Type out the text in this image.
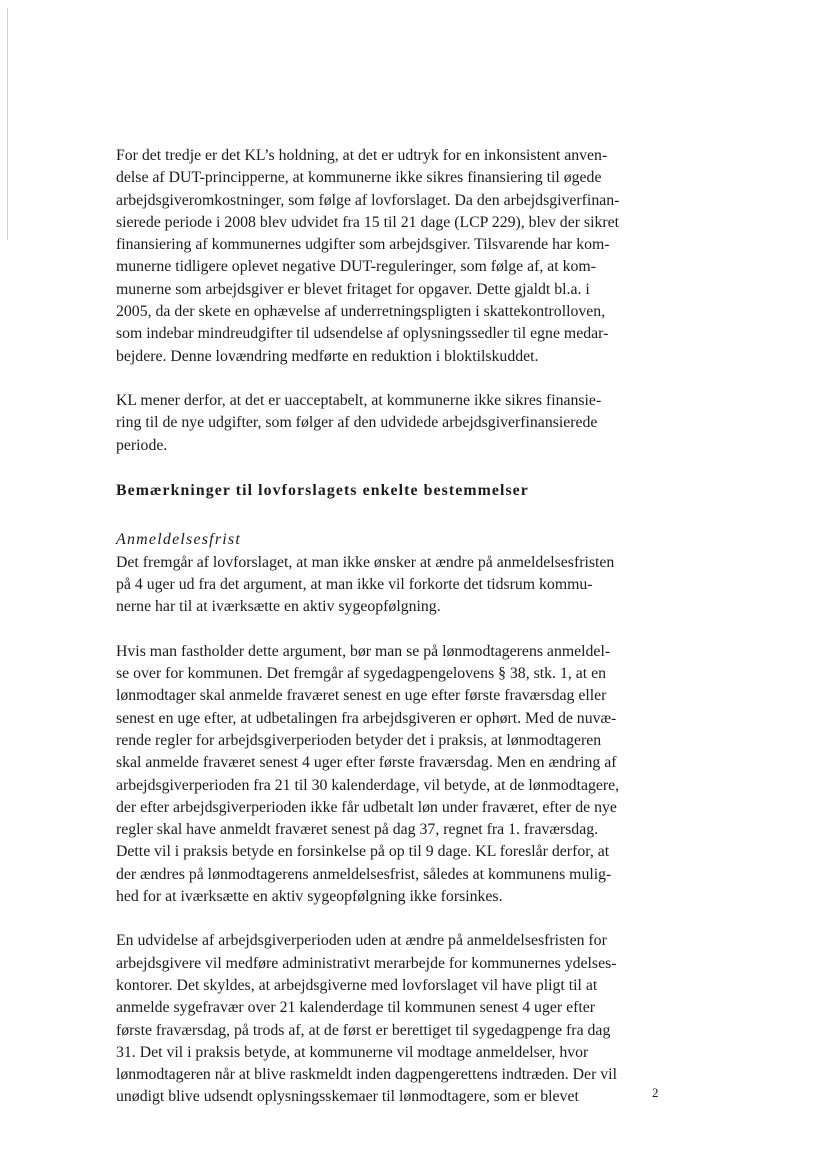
For det tredje er det KL’s holdning, at det er udtryk for en inkonsistent anven-
delse af DUT-principperne, at kommunerne ikke sikres finansiering til øgede
arbejdsgiveromkostninger, som følge af lovforslaget. Da den arbejdsgiverfinan-
sierede periode i 2008 blev udvidet fra 15 til 21 dage (LCP 229), blev der sikret
finansiering af kommunernes udgifter som arbejdsgiver. Tilsvarende har kom-
munerne tidligere oplevet negative DUT-reguleringer, som følge af, at kom-
munerne som arbejdsgiver er blevet fritaget for opgaver. Dette gjaldt bl.a. i
2005, da der skete en ophævelse af underretningspligten i skattekontrolloven,
som indebar mindreudgifter til udsendelse af oplysningssedler til egne medar-
bejdere. Denne lovændring medførte en reduktion i bloktilskuddet.

KL mener derfor, at det er uacceptabelt, at kommunerne ikke sikres finansie-
ring til de nye udgifter, som følger af den udvidede arbejdsgiverfinansierede
periode.

Bemærkninger til lovforslagets enkelte bestemmelser
Anmeldelsesfrist

Det fremgår af lovforslaget, at man ikke ønsker at ændre på anmeldelsesfristen
på 4 uger ud fra det argument, at man ikke vil forkorte det tidsrum kommu-
nerne har til at iværksætte en aktiv sygeopfølgning.

Hvis man fastholder dette argument, bør man se på lønmodtagerens anmeldel-
se over for kommunen. Det fremgår af sygedagpengelovens § 38, stk. 1, at en
lønmodtager skal anmelde fraværet senest en uge efter første fraværsdag eller
senest en uge efter, at udbetalingen fra arbejdsgiveren er ophørt. Med de nuvæ-
rende regler for arbejdsgiverperioden betyder det i praksis, at lønmodtageren
skal anmelde fraværet senest 4 uger efter første fraværsdag. Men en ændring af
arbejdsgiverperioden fra 21 til 30 kalenderdage, vil betyde, at de lønmodtagere,
der efter arbejdsgiverperioden ikke får udbetalt løn under fraværet, efter de nye
regler skal have anmeldt fraværet senest på dag 37, regnet fra 1. fraværsdag.
Dette vil i praksis betyde en forsinkelse på op til 9 dage. KL foreslår derfor, at
der ændres på lønmodtagerens anmeldelsesfrist, således at kommunens mulig-
hed for at iværksætte en aktiv sygeopfølgning ikke forsinkes.

En udvidelse af arbejdsgiverperioden uden at ændre på anmeldelsesfristen for
arbejdsgivere vil medføre administrativt merarbejde for kommunernes ydelses-
kontorer. Det skyldes, at arbejdsgiverne med lovforslaget vil have pligt til at
anmelde sygefravær over 21 kalenderdage til kommunen senest 4 uger efter
første fraværsdag, på trods af, at de først er berettiget til sygedagpenge fra dag
31. Det vil i praksis betyde, at kommunerne vil modtage anmeldelser, hvor
lønmodtageren når at blive raskmeldt inden dagpengerettens indtræden. Der vil
unødigt blive udsendt oplysningsskemaer til lønmodtagere, som er blevet	2
